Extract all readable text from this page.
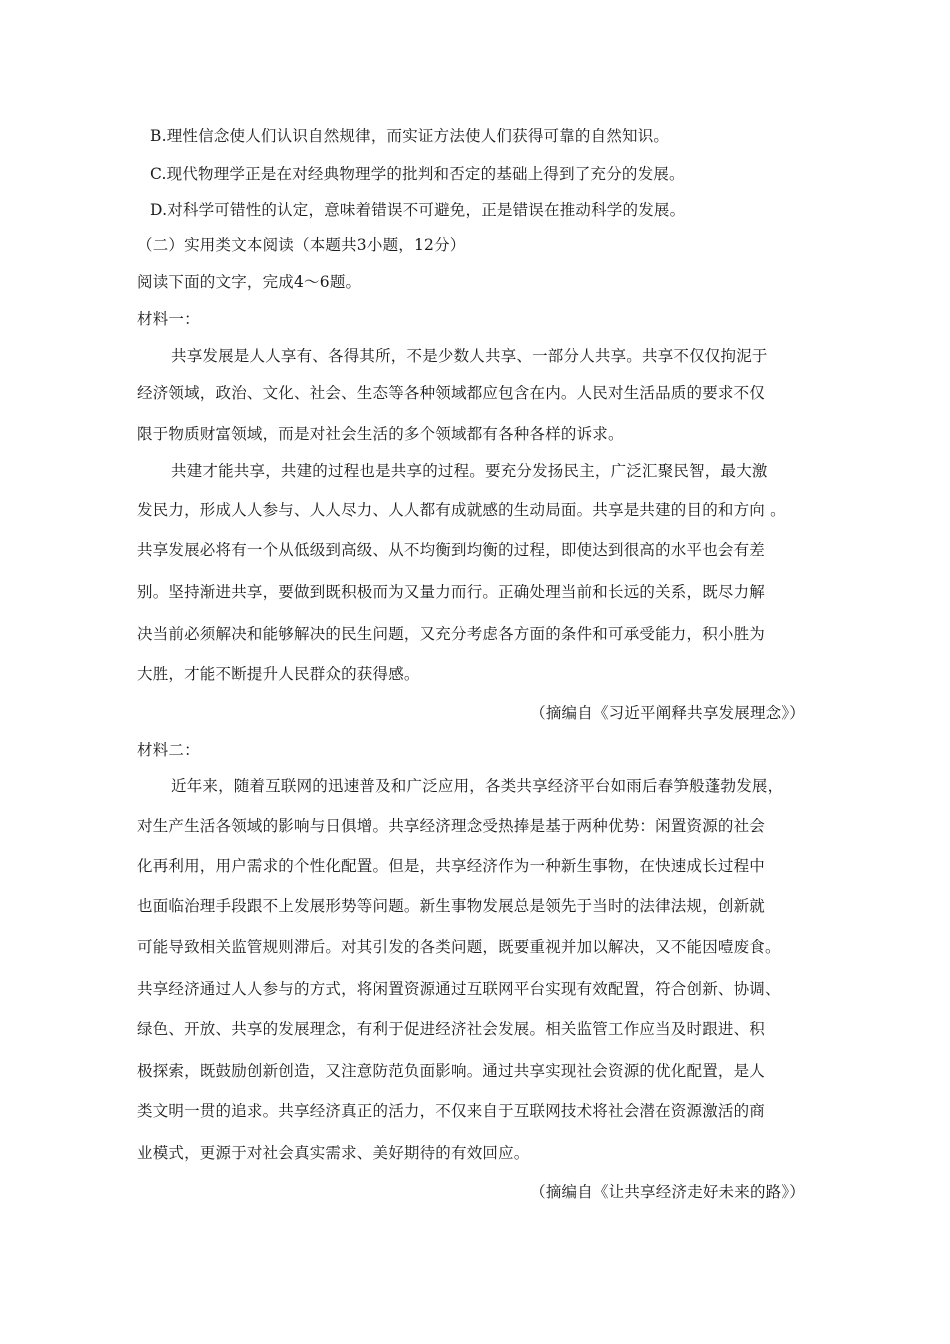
B.理性信念使人们认识自然规律，而实证方法使人们获得可靠的自然知识。
C.现代物理学正是在对经典物理学的批判和否定的基础上得到了充分的发展。
D.对科学可错性的认定，意味着错误不可避免，正是错误在推动科学的发展。
（二）实用类文本阅读（本题共3小题，12分）
阅读下面的文字，完成4～6题。
材料一：
共享发展是人人享有、各得其所，不是少数人共享、一部分人共享。共享不仅仅拘泥于
经济领域，政治、文化、社会、生态等各种领域都应包含在内。人民对生活品质的要求不仅
限于物质财富领域，而是对社会生活的多个领域都有各种各样的诉求。
共建才能共享，共建的过程也是共享的过程。要充分发扬民主，广泛汇聚民智，最大激
发民力，形成人人参与、人人尽力、人人都有成就感的生动局面。共享是共建的目的和方向 。
共享发展必将有一个从低级到高级、从不均衡到均衡的过程，即使达到很高的水平也会有差
别。坚持渐进共享，要做到既积极而为又量力而行。正确处理当前和长远的关系，既尽力解
决当前必须解决和能够解决的民生问题，又充分考虑各方面的条件和可承受能力，积小胜为
大胜，才能不断提升人民群众的获得感。
（摘编自《习近平阐释共享发展理念》）
材料二：
近年来，随着互联网的迅速普及和广泛应用，各类共享经济平台如雨后春笋般蓬勃发展，
对生产生活各领域的影响与日俱增。共享经济理念受热捧是基于两种优势：闲置资源的社会
化再利用，用户需求的个性化配置。但是，共享经济作为一种新生事物，在快速成长过程中
也面临治理手段跟不上发展形势等问题。新生事物发展总是领先于当时的法律法规，创新就
可能导致相关监管规则滞后。对其引发的各类问题，既要重视并加以解决，又不能因噎废食。
共享经济通过人人参与的方式，将闲置资源通过互联网平台实现有效配置，符合创新、协调、
绿色、开放、共享的发展理念，有利于促进经济社会发展。相关监管工作应当及时跟进、积
极探索，既鼓励创新创造，又注意防范负面影响。通过共享实现社会资源的优化配置，是人
类文明一贯的追求。共享经济真正的活力，不仅来自于互联网技术将社会潜在资源激活的商
业模式，更源于对社会真实需求、美好期待的有效回应。
（摘编自《让共享经济走好未来的路》）
